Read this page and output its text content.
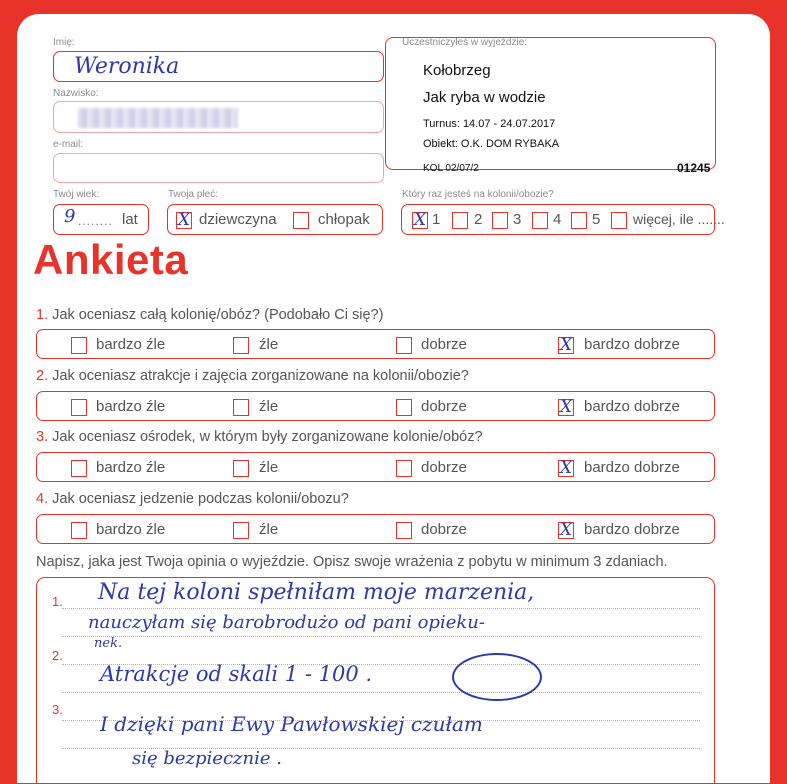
Imię:
Weronika
Nazwisko:
e-mail:
Twój wiek:
9 ........ lat
Twoja płeć:
X dziewczyna	chłopak
Uczestniczyłeś w wyjeździe:
Kołobrzeg
Jak ryba w wodzie
Turnus: 14.07 - 24.07.2017
Obiekt: O.K. DOM RYBAKA
KOL 02/07/2	01245
Który raz jesteś na kolonii/obozie?
X 1 2 3 4 5 więcej, ile .......
Ankieta
1. Jak oceniasz całą kolonię/obóz? (Podobało Ci się?)
2. Jak oceniasz atrakcje i zajęcia zorganizowane na kolonii/obozie?
3. Jak oceniasz ośrodek, w którym były zorganizowane kolonie/obóz?
4. Jak oceniasz jedzenie podczas kolonii/obozu?
bardzo źle	źle	dobrze	X bardzo dobrze
bardzo źle	źle	dobrze	X bardzo dobrze
bardzo źle	źle	dobrze	X bardzo dobrze
bardzo źle	źle	dobrze	X bardzo dobrze
Napisz, jaka jest Twoja opinia o wyjeździe. Opisz swoje wrażenia z pobytu w minimum 3 zdaniach.
1.
2.
3.
Na tej koloni spełniłam moje marzenia,
nauczyłam się barobrodużo od pani opieku-
nek.
Atrakcje od skali 1 - 100 .
I dzięki pani Ewy Pawłowskiej czułam
się bezpiecznie .
